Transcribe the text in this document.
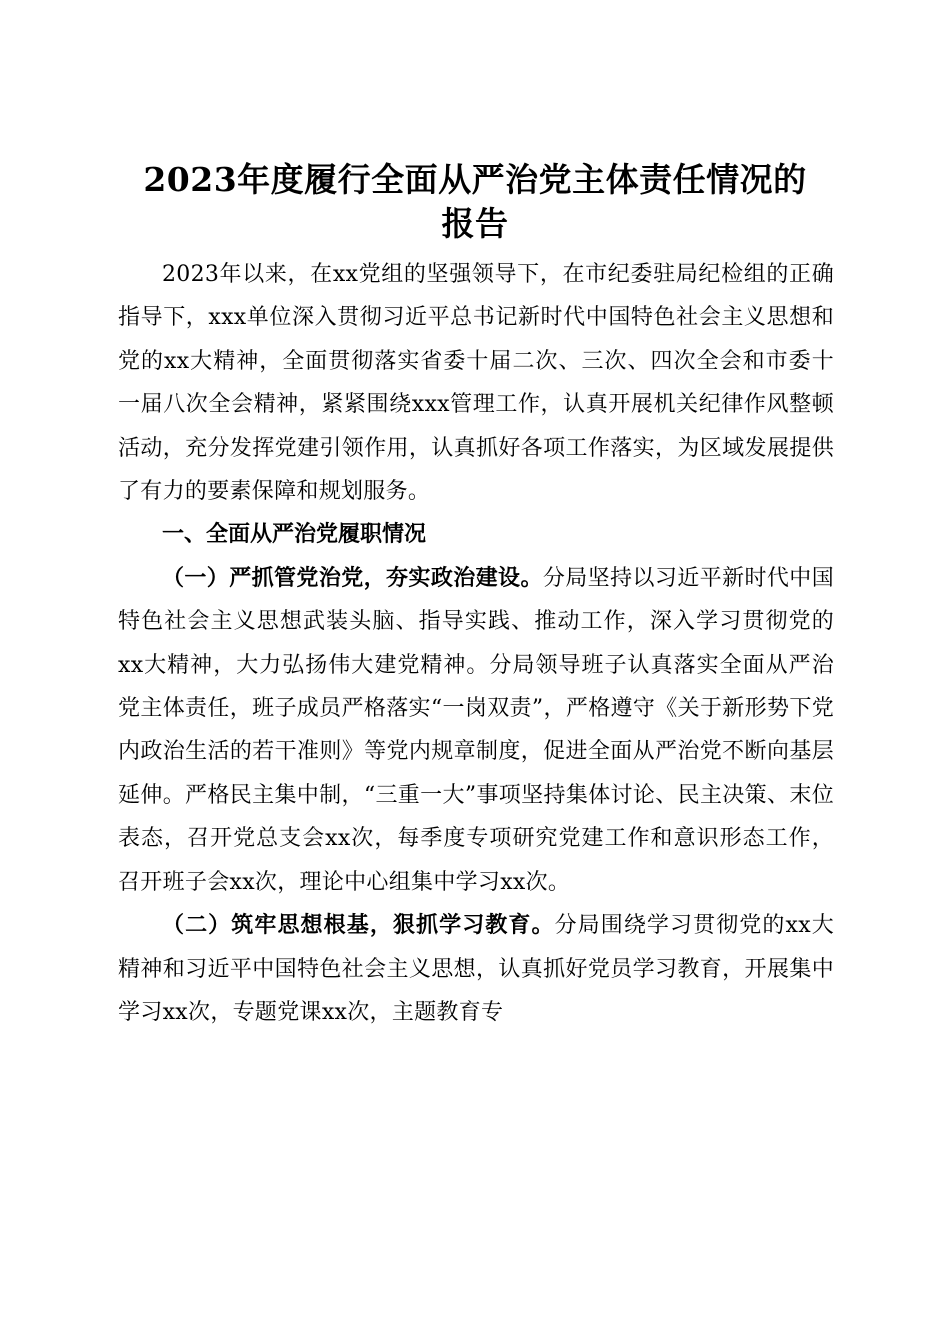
2023年度履行全面从严治党主体责任情况的
报告

2023年以来，在xx党组的坚强领导下，在市纪委驻局纪检组的正确指导下，xxx单位深入贯彻习近平总书记新时代中国特色社会主义思想和党的xx大精神，全面贯彻落实省委十届二次、三次、四次全会和市委十一届八次全会精神，紧紧围绕xxx管理工作，认真开展机关纪律作风整顿活动，充分发挥党建引领作用，认真抓好各项工作落实，为区域发展提供了有力的要素保障和规划服务。

一、全面从严治党履职情况

（一）严抓管党治党，夯实政治建设。分局坚持以习近平新时代中国特色社会主义思想武装头脑、指导实践、推动工作，深入学习贯彻党的xx大精神，大力弘扬伟大建党精神。分局领导班子认真落实全面从严治党主体责任，班子成员严格落实“一岗双责”，严格遵守《关于新形势下党内政治生活的若干准则》等党内规章制度，促进全面从严治党不断向基层延伸。严格民主集中制，“三重一大”事项坚持集体讨论、民主决策、末位表态，召开党总支会xx次，每季度专项研究党建工作和意识形态工作，召开班子会xx次，理论中心组集中学习xx次。

（二）筑牢思想根基，狠抓学习教育。分局围绕学习贯彻党的xx大精神和习近平中国特色社会主义思想，认真抓好党员学习教育，开展集中学习xx次，专题党课xx次，主题教育专
